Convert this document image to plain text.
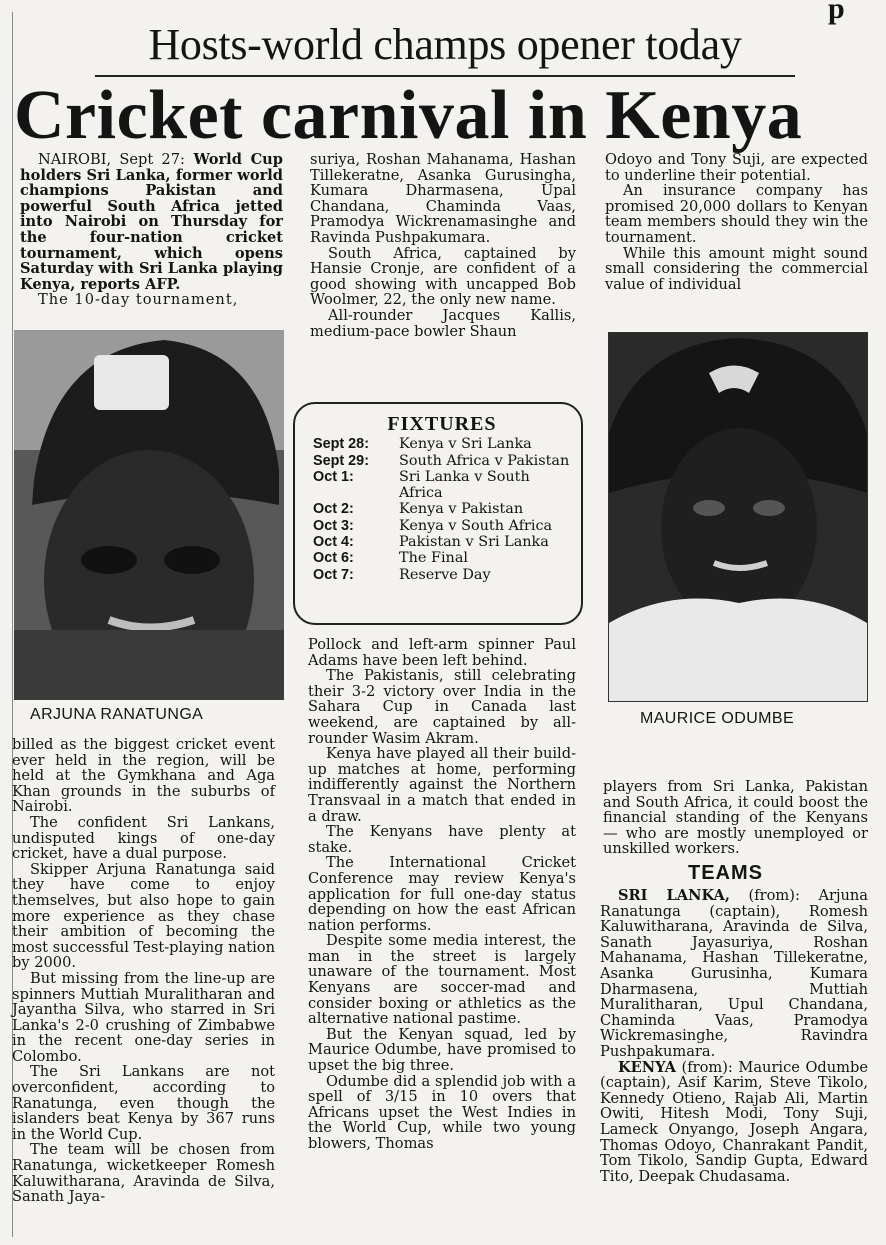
p
Hosts-world champs opener today
Cricket carnival in Kenya

NAIROBI, Sept 27: World Cup holders Sri Lanka, former world champions Pakistan and powerful South Africa jetted into Nairobi on Thursday for the four-nation cricket tournament, which opens Saturday with Sri Lanka playing Kenya, reports AFP.

The 10-day tournament,

ARJUNA RANATUNGA

billed as the biggest cricket event ever held in the region, will be held at the Gymkhana and Aga Khan grounds in the suburbs of Nairobi.

The confident Sri Lankans, undisputed kings of one-day cricket, have a dual purpose.

Skipper Arjuna Ranatunga said they have come to enjoy themselves, but also hope to gain more experience as they chase their ambition of becoming the most successful Test-playing nation by 2000.

But missing from the line-up are spinners Muttiah Muralitharan and Jayantha Silva, who starred in Sri Lanka's 2-0 crushing of Zimbabwe in the recent one-day series in Colombo.

The Sri Lankans are not overconfident, according to Ranatunga, even though the islanders beat Kenya by 367 runs in the World Cup.

The team will be chosen from Ranatunga, wicketkeeper Romesh Kaluwitharana, Aravinda de Silva, Sanath Jaya-

suriya, Roshan Mahanama, Hashan Tillekeratne, Asanka Gurusingha, Kumara Dharmasena, Upal Chandana, Chaminda Vaas, Pramodya Wickrenamasinghe and Ravinda Pushpakumara.

South Africa, captained by Hansie Cronje, are confident of a good showing with uncapped Bob Woolmer, 22, the only new name.

All-rounder Jacques Kallis, medium-pace bowler Shaun

FIXTURES
Sept 28:	Kenya v Sri Lanka
Sept 29:	South Africa v Pakistan
Oct 1:	Sri Lanka v South Africa
Oct 2:	Kenya v Pakistan
Oct 3:	Kenya v South Africa
Oct 4:	Pakistan v Sri Lanka
Oct 6:	The Final
Oct 7:	Reserve Day

Pollock and left-arm spinner Paul Adams have been left behind.

The Pakistanis, still celebrating their 3-2 victory over India in the Sahara Cup in Canada last weekend, are captained by all-rounder Wasim Akram.

Kenya have played all their build-up matches at home, performing indifferently against the Northern Transvaal in a match that ended in a draw.

The Kenyans have plenty at stake.

The International Cricket Conference may review Kenya's application for full one-day status depending on how the east African nation performs.

Despite some media interest, the man in the street is largely unaware of the tournament. Most Kenyans are soccer-mad and consider boxing or athletics as the alternative national pastime.

But the Kenyan squad, led by Maurice Odumbe, have promised to upset the big three.

Odumbe did a splendid job with a spell of 3/15 in 10 overs that Africans upset the West Indies in the World Cup, while two young blowers, Thomas

Odoyo and Tony Suji, are expected to underline their potential.

An insurance company has promised 20,000 dollars to Kenyan team members should they win the tournament.

While this amount might sound small considering the commercial value of individual

MAURICE ODUMBE

players from Sri Lanka, Pakistan and South Africa, it could boost the financial standing of the Kenyans — who are mostly unemployed or unskilled workers.

TEAMS

SRI LANKA, (from): Arjuna Ranatunga (captain), Romesh Kaluwitharana, Aravinda de Silva, Sanath Jayasuriya, Roshan Mahanama, Hashan Tillekeratne, Asanka Gurusinha, Kumara Dharmasena, Muttiah Muralitharan, Upul Chandana, Chaminda Vaas, Pramodya Wickremasinghe, Ravindra Pushpakumara.

KENYA (from): Maurice Odumbe (captain), Asif Karim, Steve Tikolo, Kennedy Otieno, Rajab Ali, Martin Owiti, Hitesh Modi, Tony Suji, Lameck Onyango, Joseph Angara, Thomas Odoyo, Chanrakant Pandit, Tom Tikolo, Sandip Gupta, Edward Tito, Deepak Chudasama.
